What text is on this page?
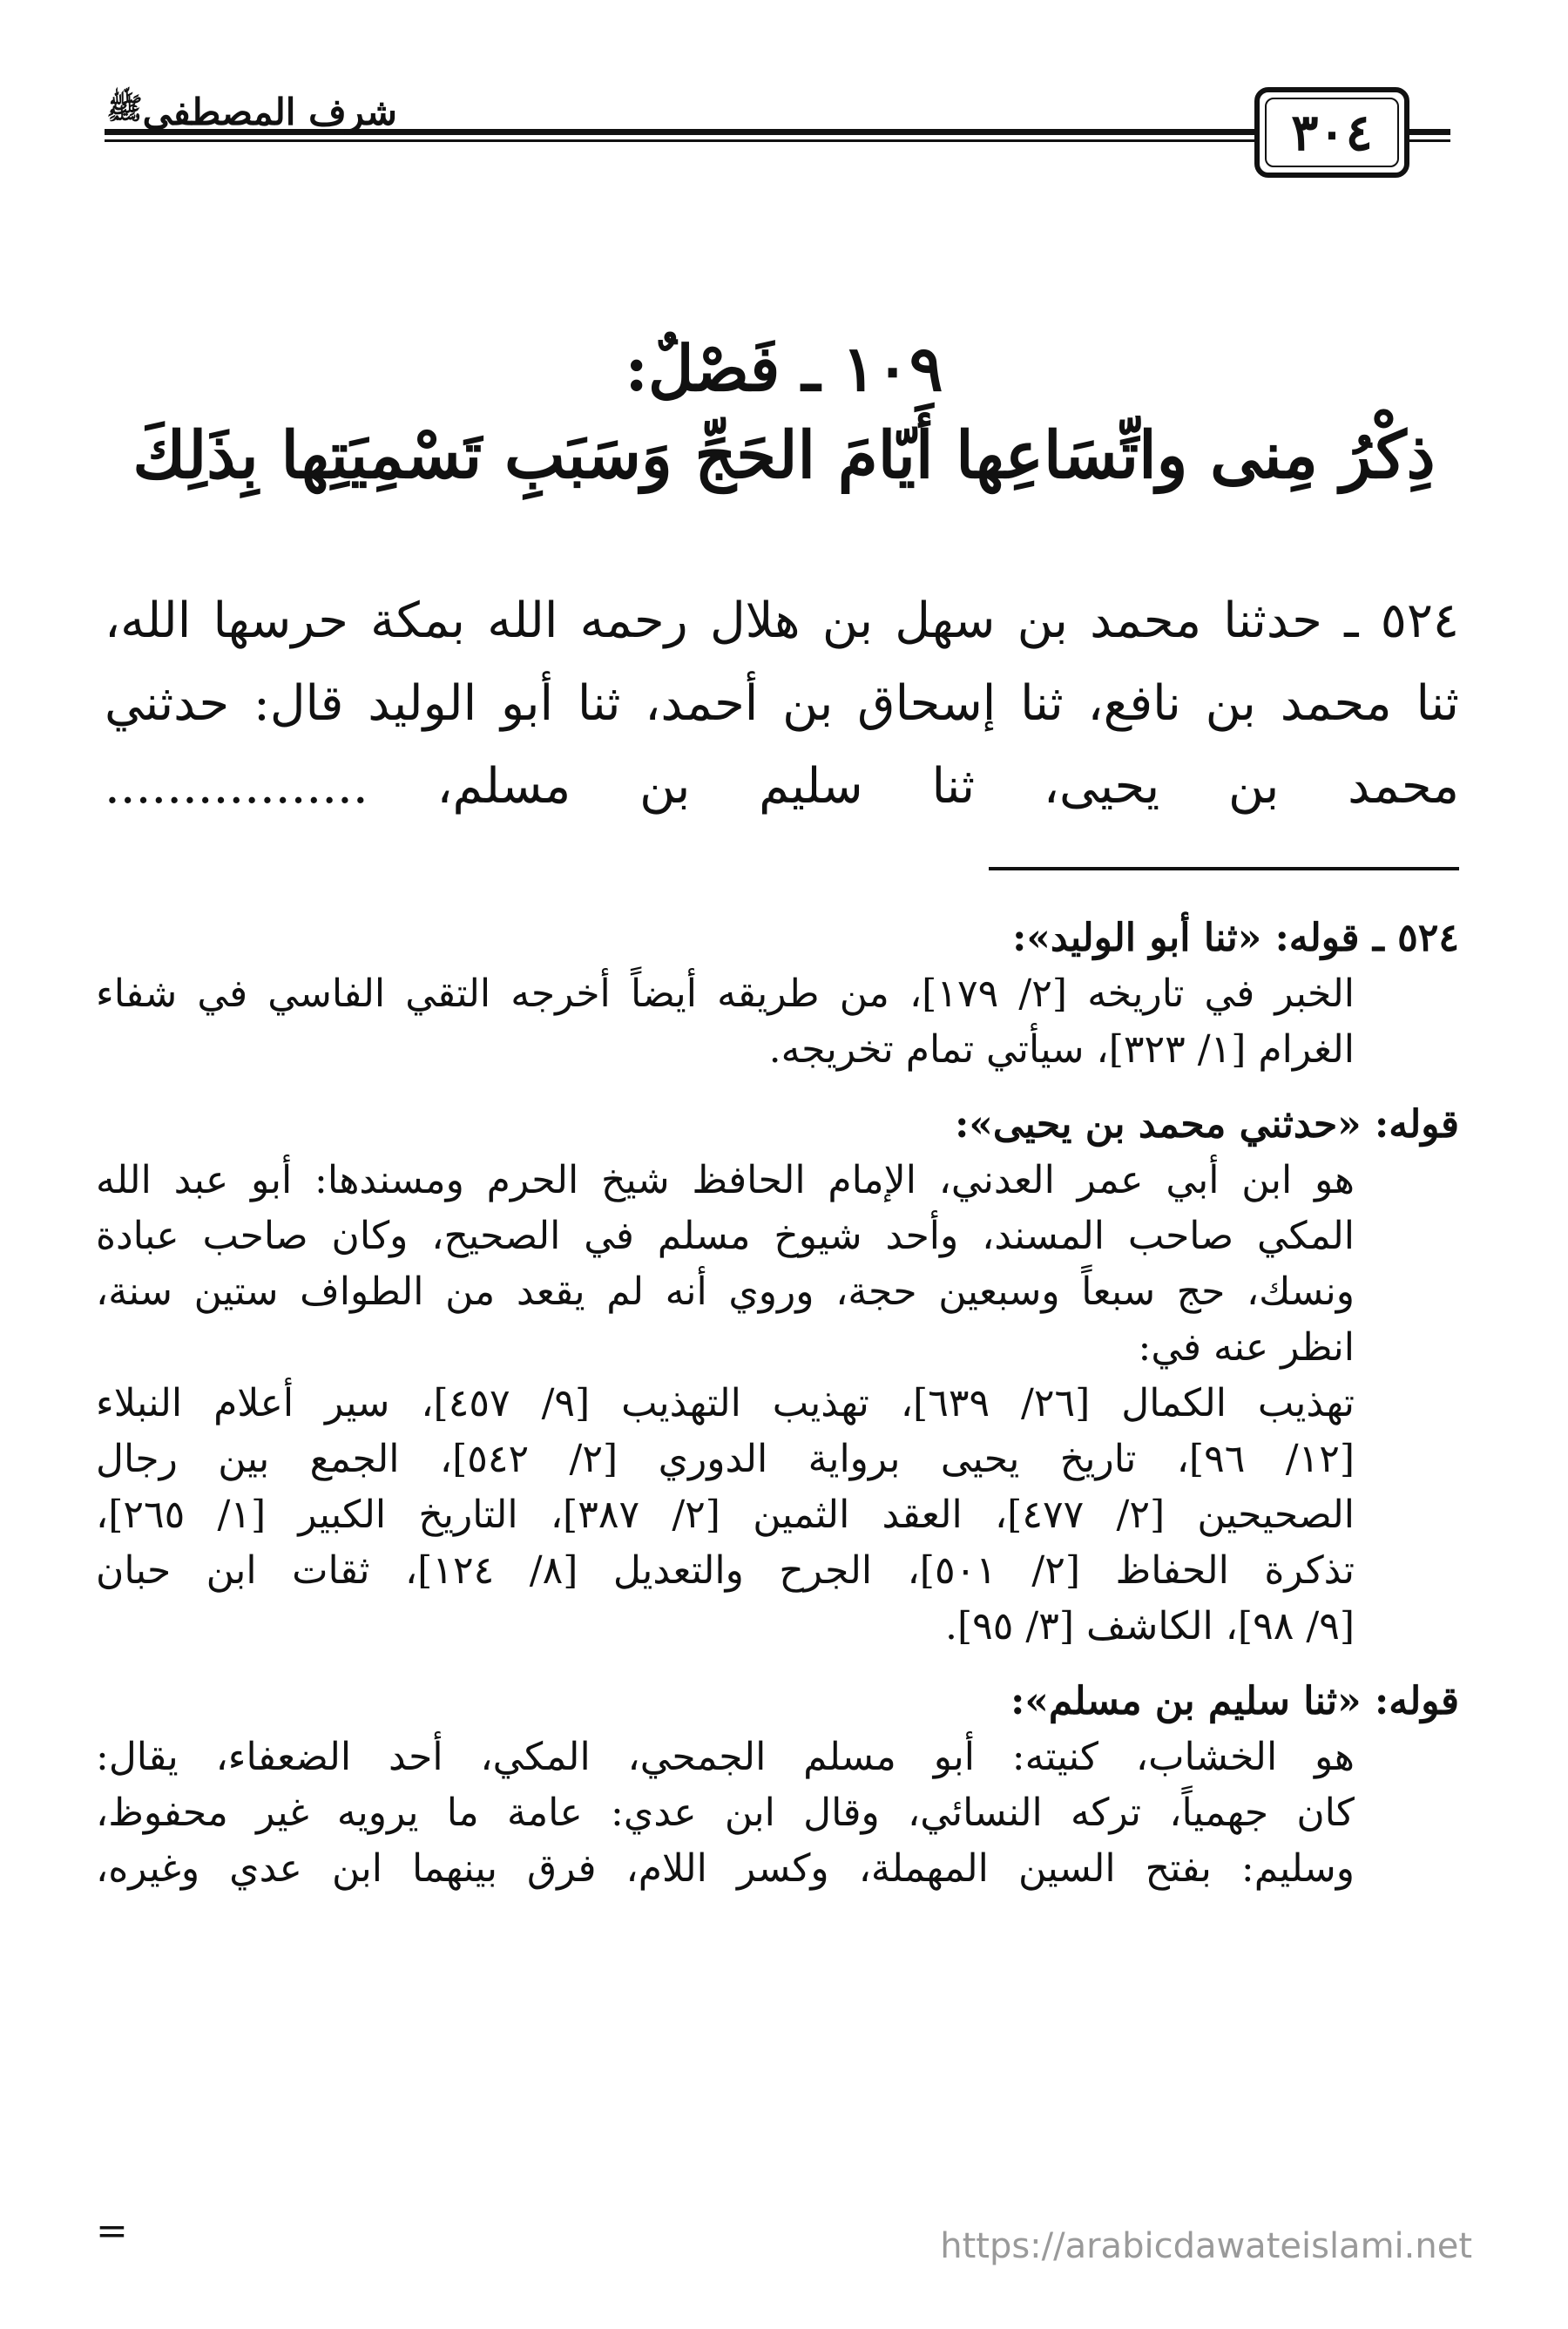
٣٠٤
شرف المصطفى
ﷺ
١٠٩ ـ فَصْلٌ:
ذِكْرُ مِنى واتِّسَاعِها أَيّامَ الحَجِّ وَسَبَبِ تَسْمِيَتِها بِذَلِكَ
٥٢٤ ـ حدثنا محمد بن سهل بن هلال رحمه الله بمكة حرسها الله،
ثنا محمد بن نافع، ثنا إسحاق بن أحمد، ثنا أبو الوليد قال: حدثني
محمد بن يحيى، ثنا سليم بن مسلم، .................
٥٢٤ ـ قوله: «ثنا أبو الوليد»:
الخبر في تاريخه [٢/ ١٧٩]، من طريقه أيضاً أخرجه التقي الفاسي في شفاء
الغرام [١/ ٣٢٣]، سيأتي تمام تخريجه.
قوله: «حدثني محمد بن يحيى»:
هو ابن أبي عمر العدني، الإمام الحافظ شيخ الحرم ومسندها: أبو عبد الله
المكي صاحب المسند، وأحد شيوخ مسلم في الصحيح، وكان صاحب عبادة
ونسك، حج سبعاً وسبعين حجة، وروي أنه لم يقعد من الطواف ستين سنة،
انظر عنه في:
تهذيب الكمال [٢٦/ ٦٣٩]، تهذيب التهذيب [٩/ ٤٥٧]، سير أعلام النبلاء
[١٢/ ٩٦]، تاريخ يحيى برواية الدوري [٢/ ٥٤٢]، الجمع بين رجال
الصحيحين [٢/ ٤٧٧]، العقد الثمين [٢/ ٣٨٧]، التاريخ الكبير [١/ ٢٦٥]،
تذكرة الحفاظ [٢/ ٥٠١]، الجرح والتعديل [٨/ ١٢٤]، ثقات ابن حبان
[٩/ ٩٨]، الكاشف [٣/ ٩٥].
قوله: «ثنا سليم بن مسلم»:
هو الخشاب، كنيته: أبو مسلم الجمحي، المكي، أحد الضعفاء، يقال:
كان جهمياً، تركه النسائي، وقال ابن عدي: عامة ما يرويه غير محفوظ،
وسليم: بفتح السين المهملة، وكسر اللام، فرق بينهما ابن عدي وغيره،
=	https://arabicdawateislami.net
